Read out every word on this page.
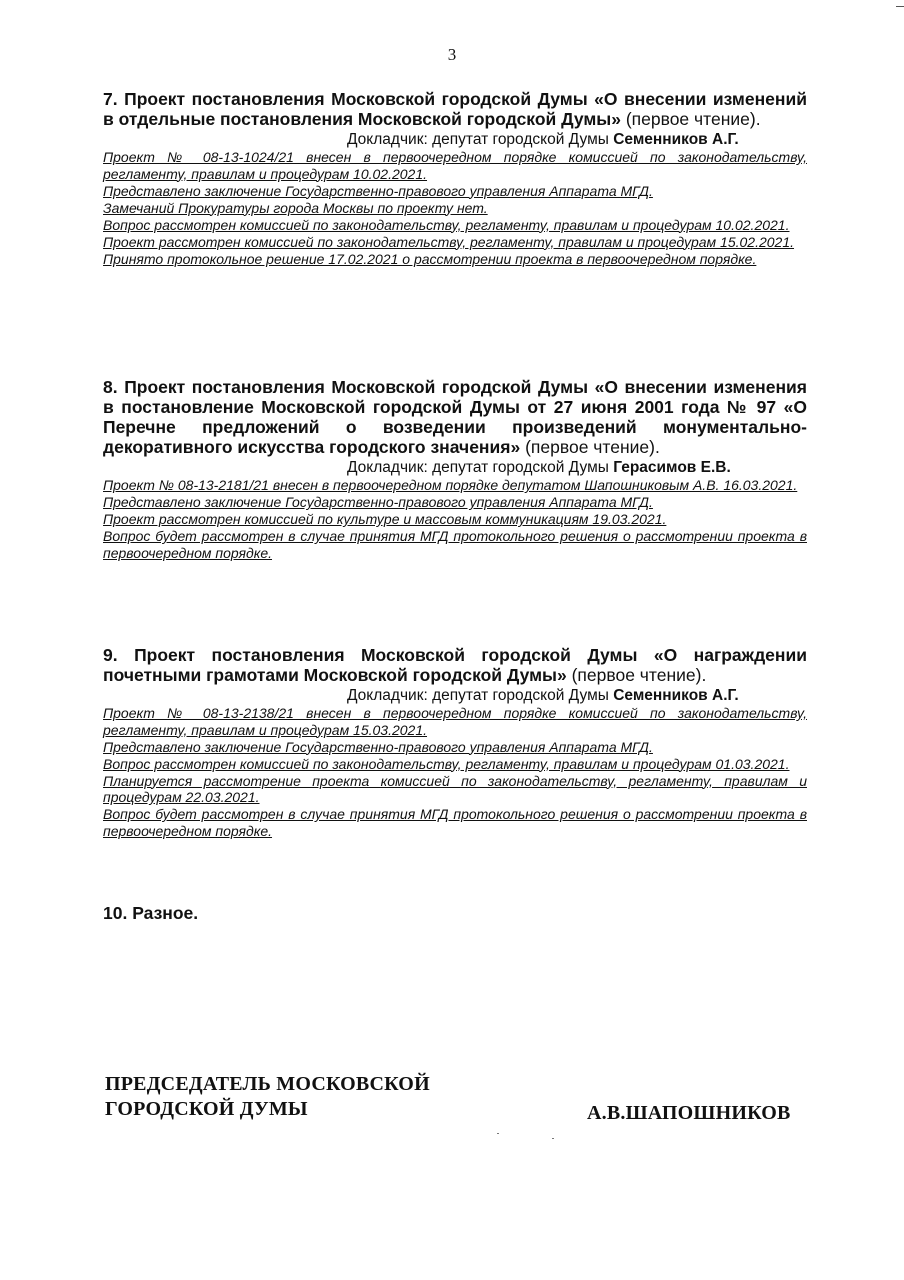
3

7. Проект постановления Московской городской Думы «О внесении изменений в отдельные постановления Московской городской Думы» (первое чтение).

Докладчик: депутат городской Думы Семенников А.Г.

Проект № 08-13-1024/21 внесен в первоочередном порядке комиссией по законодательству, регламенту, правилам и процедурам 10.02.2021.

Представлено заключение Государственно-правового управления Аппарата МГД.

Замечаний Прокуратуры города Москвы по проекту нет.

Вопрос рассмотрен комиссией по законодательству, регламенту, правилам и процедурам 10.02.2021.

Проект рассмотрен комиссией по законодательству, регламенту, правилам и процедурам 15.02.2021.

Принято протокольное решение 17.02.2021 о рассмотрении проекта в первоочередном порядке.

8. Проект постановления Московской городской Думы «О внесении изменения в постановление Московской городской Думы от 27 июня 2001 года № 97 «О Перечне предложений о возведении произведений монументально-декоративного искусства городского значения» (первое чтение).

Докладчик: депутат городской Думы Герасимов Е.В.

Проект № 08-13-2181/21 внесен в первоочередном порядке депутатом Шапошниковым А.В. 16.03.2021.

Представлено заключение Государственно-правового управления Аппарата МГД.

Проект рассмотрен комиссией по культуре и массовым коммуникациям 19.03.2021.

Вопрос будет рассмотрен в случае принятия МГД протокольного решения о рассмотрении проекта в первоочередном порядке.

9. Проект постановления Московской городской Думы «О награждении почетными грамотами Московской городской Думы» (первое чтение).

Докладчик: депутат городской Думы Семенников А.Г.

Проект № 08-13-2138/21 внесен в первоочередном порядке комиссией по законодательству, регламенту, правилам и процедурам 15.03.2021.

Представлено заключение Государственно-правового управления Аппарата МГД.

Вопрос рассмотрен комиссией по законодательству, регламенту, правилам и процедурам 01.03.2021.

Планируется рассмотрение проекта комиссией по законодательству, регламенту, правилам и процедурам 22.03.2021.

Вопрос будет рассмотрен в случае принятия МГД протокольного решения о рассмотрении проекта в первоочередном порядке.

10. Разное.
ПРЕДСЕДАТЕЛЬ МОСКОВСКОЙ
ГОРОДСКОЙ ДУМЫ	А.В.ШАПОШНИКОВ
